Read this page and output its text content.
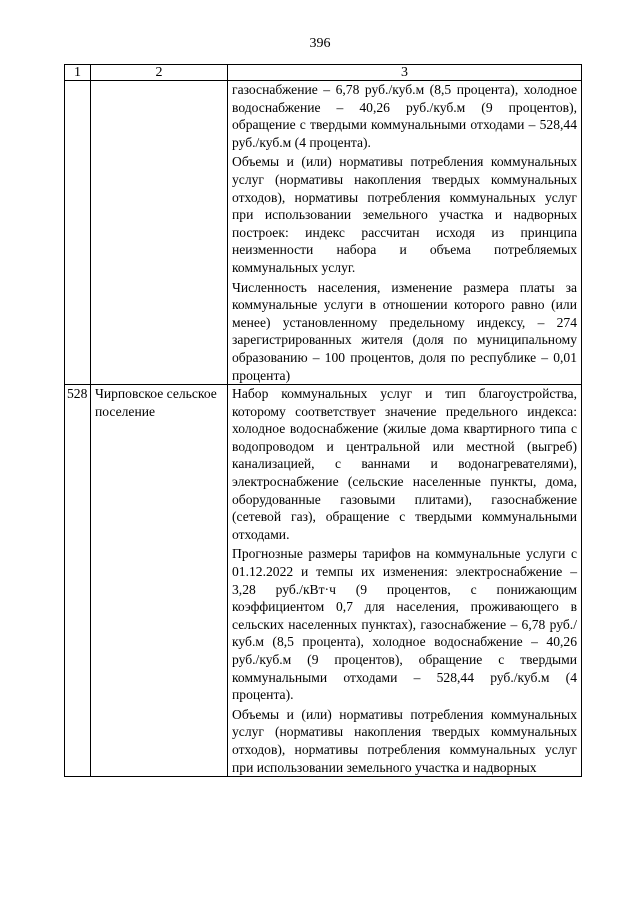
396
1	2	3

		газоснабжение – 6,78 руб./куб.м (8,5 процента), холодное водоснабжение – 40,26 руб./куб.м (9 процентов), обращение с твердыми коммунальными отходами – 528,44 руб./куб.м (4 процента).

Объемы и (или) нормативы потребления коммунальных услуг (нормативы накопления твердых коммунальных отходов), нормативы потребления коммунальных услуг при использовании земельного участка и надворных построек: индекс рассчитан исходя из принципа неизменности набора и объема потребляемых коммунальных услуг.

Численность населения, изменение размера платы за коммунальные услуги в отношении которого равно (или менее) установленному предельному индексу, – 274 зарегистрированных жителя (доля по муниципальному образованию – 100 процентов, доля по республике – 0,01 процента)

528	Чирповское сельское поселение	Набор коммунальных услуг и тип благоустройства, которому соответствует значение предельного индекса: холодное водоснабжение (жилые дома квартирного типа с водопроводом и центральной или местной (выгреб) канализацией, с ваннами и водонагревателями), электроснабжение (сельские населенные пункты, дома, оборудованные газовыми плитами), газоснабжение (сетевой газ), обращение с твердыми коммунальными отходами.

Прогнозные размеры тарифов на коммунальные услуги с 01.12.2022 и темпы их изменения: электроснабжение – 3,28 руб./кВт·ч (9 процентов, с понижающим коэффициентом 0,7 для населения, проживающего в сельских населенных пунктах), газоснабжение – 6,78 руб./куб.м (8,5 процента), холодное водоснабжение – 40,26 руб./куб.м (9 процентов), обращение с твердыми коммунальными отходами – 528,44 руб./куб.м (4 процента).

Объемы и (или) нормативы потребления коммунальных услуг (нормативы накопления твердых коммунальных отходов), нормативы потребления коммунальных услуг при использовании земельного участка и надворных
